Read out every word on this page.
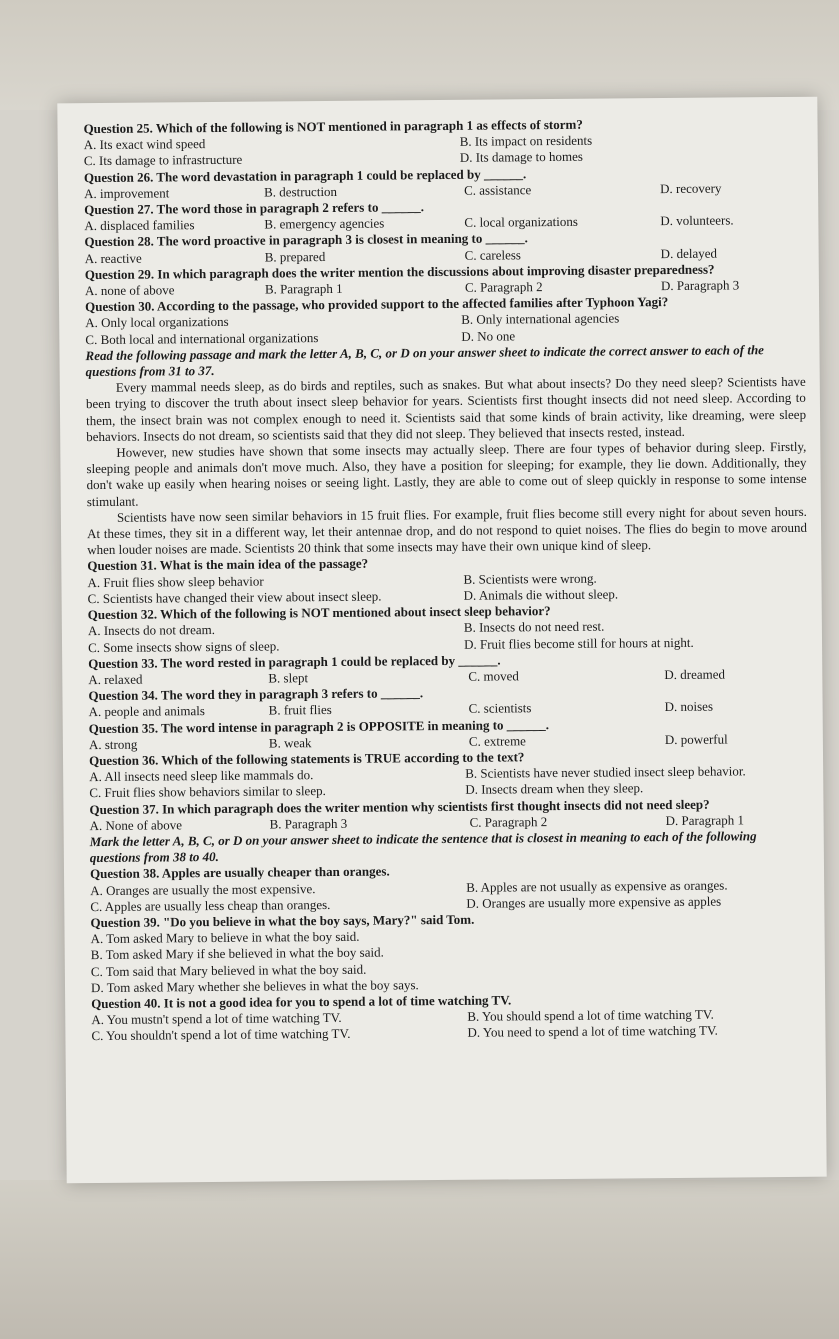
Question 25. Which of the following is NOT mentioned in paragraph 1 as effects of storm?
A. Its exact wind speed	B. Its impact on residents
C. Its damage to infrastructure	D. Its damage to homes
Question 26. The word devastation in paragraph 1 could be replaced by ______.
A. improvement	B. destruction	C. assistance	D. recovery
Question 27. The word those in paragraph 2 refers to ______.
A. displaced families	B. emergency agencies	C. local organizations	D. volunteers.
Question 28. The word proactive in paragraph 3 is closest in meaning to ______.
A. reactive	B. prepared	C. careless	D. delayed
Question 29. In which paragraph does the writer mention the discussions about improving disaster preparedness?
A. none of above	B. Paragraph 1	C. Paragraph 2	D. Paragraph 3
Question 30. According to the passage, who provided support to the affected families after Typhoon Yagi?
A. Only local organizations	B. Only international agencies
C. Both local and international organizations	D. No one
Read the following passage and mark the letter A, B, C, or D on your answer sheet to indicate the correct answer to each of the questions from 31 to 37.
Every mammal needs sleep, as do birds and reptiles, such as snakes. But what about insects? Do they need sleep? Scientists have been trying to discover the truth about insect sleep behavior for years. Scientists first thought insects did not need sleep. According to them, the insect brain was not complex enough to need it. Scientists said that some kinds of brain activity, like dreaming, were sleep behaviors. Insects do not dream, so scientists said that they did not sleep. They believed that insects rested, instead.
However, new studies have shown that some insects may actually sleep. There are four types of behavior during sleep. Firstly, sleeping people and animals don't move much. Also, they have a position for sleeping; for example, they lie down. Additionally, they don't wake up easily when hearing noises or seeing light. Lastly, they are able to come out of sleep quickly in response to some intense stimulant.
Scientists have now seen similar behaviors in 15 fruit flies. For example, fruit flies become still every night for about seven hours. At these times, they sit in a different way, let their antennae drop, and do not respond to quiet noises. The flies do begin to move around when louder noises are made. Scientists 20 think that some insects may have their own unique kind of sleep.
Question 31. What is the main idea of the passage?
A. Fruit flies show sleep behavior	B. Scientists were wrong.
C. Scientists have changed their view about insect sleep.	D. Animals die without sleep.
Question 32. Which of the following is NOT mentioned about insect sleep behavior?
A. Insects do not dream.	B. Insects do not need rest.
C. Some insects show signs of sleep.	D. Fruit flies become still for hours at night.
Question 33. The word rested in paragraph 1 could be replaced by ______.
A. relaxed	B. slept	C. moved	D. dreamed
Question 34. The word they in paragraph 3 refers to ______.
A. people and animals	B. fruit flies	C. scientists	D. noises
Question 35. The word intense in paragraph 2 is OPPOSITE in meaning to ______.
A. strong	B. weak	C. extreme	D. powerful
Question 36. Which of the following statements is TRUE according to the text?
A. All insects need sleep like mammals do.	B. Scientists have never studied insect sleep behavior.
C. Fruit flies show behaviors similar to sleep.	D. Insects dream when they sleep.
Question 37. In which paragraph does the writer mention why scientists first thought insects did not need sleep?
A. None of above	B. Paragraph 3	C. Paragraph 2	D. Paragraph 1
Mark the letter A, B, C, or D on your answer sheet to indicate the sentence that is closest in meaning to each of the following questions from 38 to 40.
Question 38. Apples are usually cheaper than oranges.
A. Oranges are usually the most expensive.	B. Apples are not usually as expensive as oranges.
C. Apples are usually less cheap than oranges.	D. Oranges are usually more expensive as apples
Question 39. "Do you believe in what the boy says, Mary?" said Tom.
A. Tom asked Mary to believe in what the boy said.
B. Tom asked Mary if she believed in what the boy said.
C. Tom said that Mary believed in what the boy said.
D. Tom asked Mary whether she believes in what the boy says.
Question 40. It is not a good idea for you to spend a lot of time watching TV.
A. You mustn't spend a lot of time watching TV.	B. You should spend a lot of time watching TV.
C. You shouldn't spend a lot of time watching TV.	D. You need to spend a lot of time watching TV.
